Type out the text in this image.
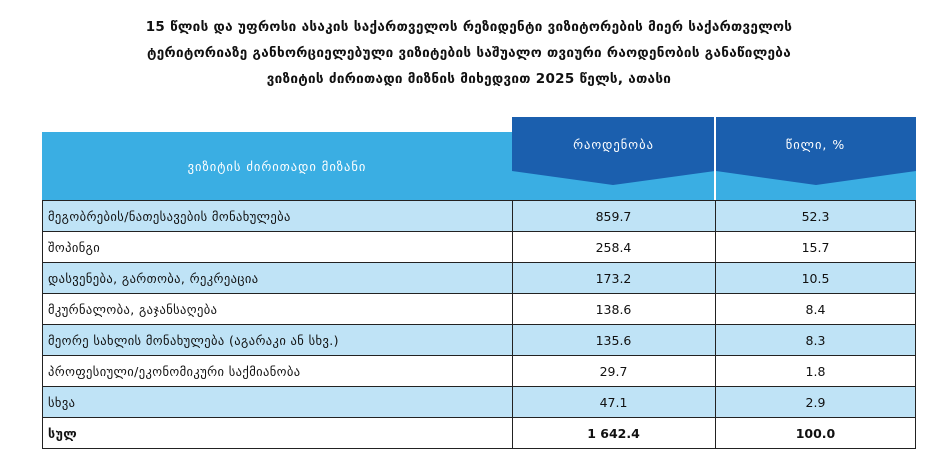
15 წლის და უფროსი ასაკის საქართველოს რეზიდენტი ვიზიტორების მიერ საქართველოს
ტერიტორიაზე განხორციელებული ვიზიტების საშუალო თვიური რაოდენობის განაწილება
ვიზიტის ძირითადი მიზნის მიხედვით 2025 წელს, ათასი
ვიზიტის ძირითადი მიზანი
რაოდენობა	წილი, %
მეგობრების/ნათესავების მონახულება	859.7	52.3
შოპინგი	258.4	15.7
დასვენება, გართობა, რეკრეაცია	173.2	10.5
მკურნალობა, გაჯანსაღება	138.6	8.4
მეორე სახლის მონახულება (აგარაკი ან სხვ.)	135.6	8.3
პროფესიული/ეკონომიკური საქმიანობა	29.7	1.8
სხვა	47.1	2.9
სულ	1 642.4	100.0
